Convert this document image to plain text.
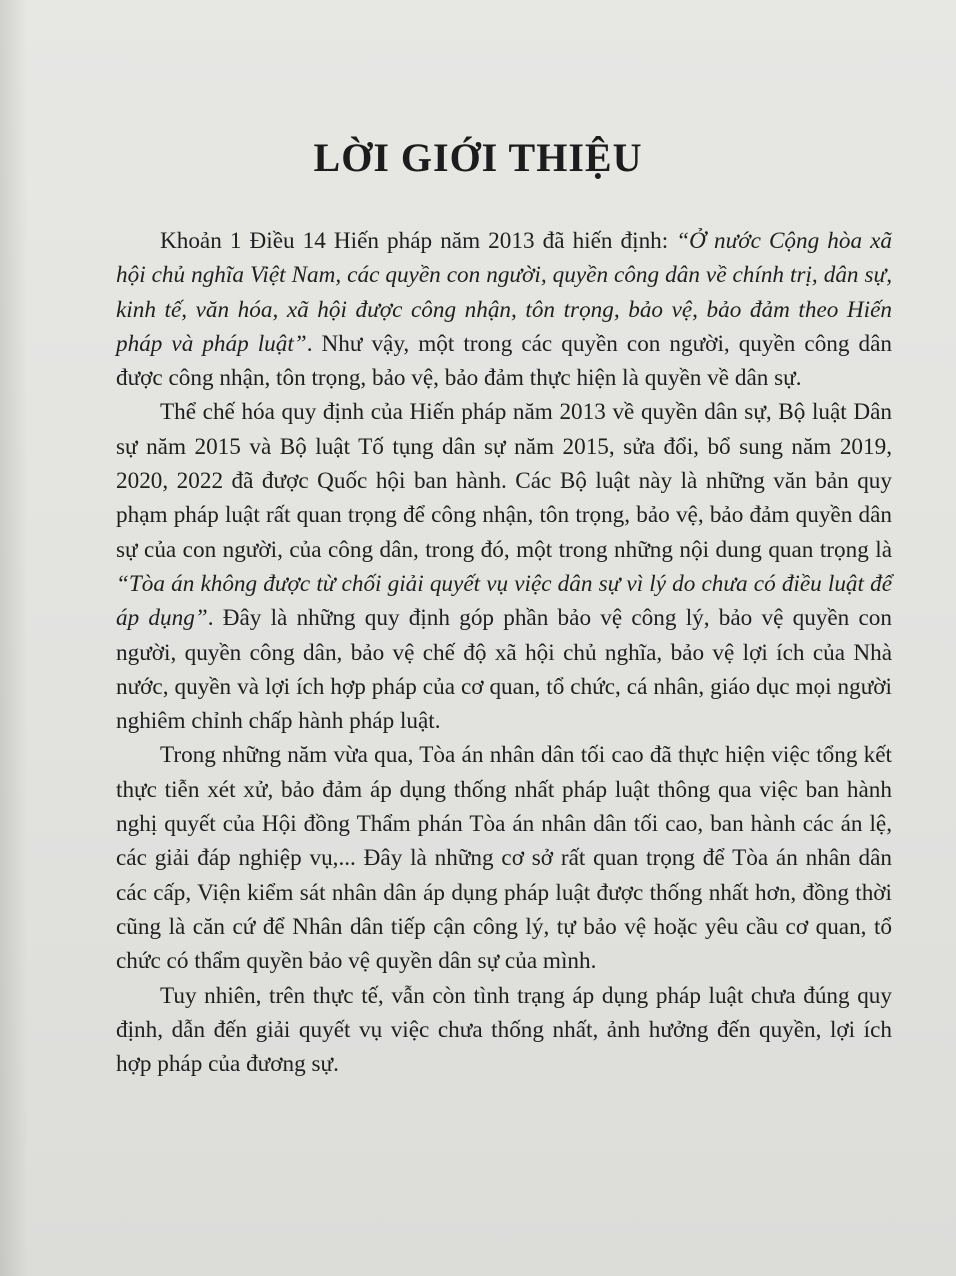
LỜI GIỚI THIỆU

Khoản 1 Điều 14 Hiến pháp năm 2013 đã hiến định: “Ở nước Cộng hòa xã hội chủ nghĩa Việt Nam, các quyền con người, quyền công dân về chính trị, dân sự, kinh tế, văn hóa, xã hội được công nhận, tôn trọng, bảo vệ, bảo đảm theo Hiến pháp và pháp luật”. Như vậy, một trong các quyền con người, quyền công dân được công nhận, tôn trọng, bảo vệ, bảo đảm thực hiện là quyền về dân sự.

Thể chế hóa quy định của Hiến pháp năm 2013 về quyền dân sự, Bộ luật Dân sự năm 2015 và Bộ luật Tố tụng dân sự năm 2015, sửa đổi, bổ sung năm 2019, 2020, 2022 đã được Quốc hội ban hành. Các Bộ luật này là những văn bản quy phạm pháp luật rất quan trọng để công nhận, tôn trọng, bảo vệ, bảo đảm quyền dân sự của con người, của công dân, trong đó, một trong những nội dung quan trọng là “Tòa án không được từ chối giải quyết vụ việc dân sự vì lý do chưa có điều luật để áp dụng”. Đây là những quy định góp phần bảo vệ công lý, bảo vệ quyền con người, quyền công dân, bảo vệ chế độ xã hội chủ nghĩa, bảo vệ lợi ích của Nhà nước, quyền và lợi ích hợp pháp của cơ quan, tổ chức, cá nhân, giáo dục mọi người nghiêm chỉnh chấp hành pháp luật.

Trong những năm vừa qua, Tòa án nhân dân tối cao đã thực hiện việc tổng kết thực tiễn xét xử, bảo đảm áp dụng thống nhất pháp luật thông qua việc ban hành nghị quyết của Hội đồng Thẩm phán Tòa án nhân dân tối cao, ban hành các án lệ, các giải đáp nghiệp vụ,... Đây là những cơ sở rất quan trọng để Tòa án nhân dân các cấp, Viện kiểm sát nhân dân áp dụng pháp luật được thống nhất hơn, đồng thời cũng là căn cứ để Nhân dân tiếp cận công lý, tự bảo vệ hoặc yêu cầu cơ quan, tổ chức có thẩm quyền bảo vệ quyền dân sự của mình.

Tuy nhiên, trên thực tế, vẫn còn tình trạng áp dụng pháp luật chưa đúng quy định, dẫn đến giải quyết vụ việc chưa thống nhất, ảnh hưởng đến quyền, lợi ích hợp pháp của đương sự.
